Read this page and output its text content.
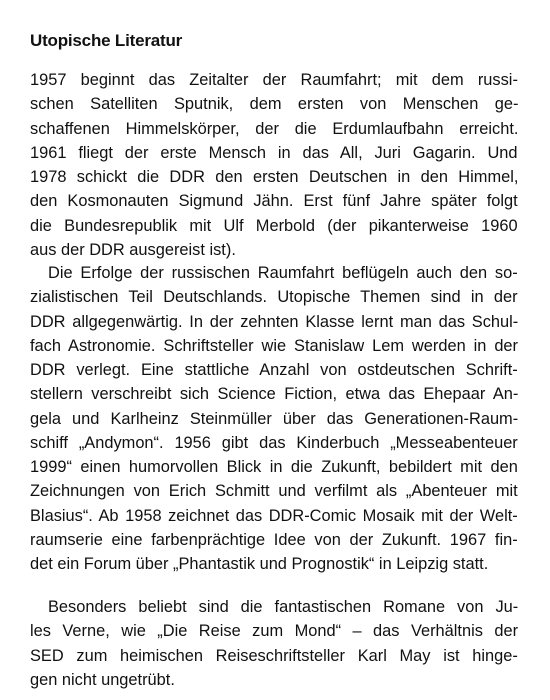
Utopische Literatur
1957 beginnt das Zeitalter der Raumfahrt; mit dem russi-
schen Satelliten Sputnik, dem ersten von Menschen ge-
schaffenen Himmelskörper, der die Erdumlaufbahn erreicht.
1961 fliegt der erste Mensch in das All, Juri Gagarin. Und
1978 schickt die DDR den ersten Deutschen in den Himmel,
den Kosmonauten Sigmund Jähn. Erst fünf Jahre später folgt
die Bundesrepublik mit Ulf Merbold (der pikanterweise 1960
aus der DDR ausgereist ist).
Die Erfolge der russischen Raumfahrt beflügeln auch den so-
zialistischen Teil Deutschlands. Utopische Themen sind in der
DDR allgegenwärtig. In der zehnten Klasse lernt man das Schul-
fach Astronomie. Schriftsteller wie Stanislaw Lem werden in der
DDR verlegt. Eine stattliche Anzahl von ostdeutschen Schrift-
stellern verschreibt sich Science Fiction, etwa das Ehepaar An-
gela und Karlheinz Steinmüller über das Generationen-Raum-
schiff „Andymon“. 1956 gibt das Kinderbuch „Messeabenteuer
1999“ einen humorvollen Blick in die Zukunft, bebildert mit den
Zeichnungen von Erich Schmitt und verfilmt als „Abenteuer mit
Blasius“. Ab 1958 zeichnet das DDR-Comic Mosaik mit der Welt-
raumserie eine farbenprächtige Idee von der Zukunft. 1967 fin-
det ein Forum über „Phantastik und Prognostik“ in Leipzig statt.
Besonders beliebt sind die fantastischen Romane von Ju-
les Verne, wie „Die Reise zum Mond“ – das Verhältnis der
SED zum heimischen Reiseschriftsteller Karl May ist hinge-
gen nicht ungetrübt.
